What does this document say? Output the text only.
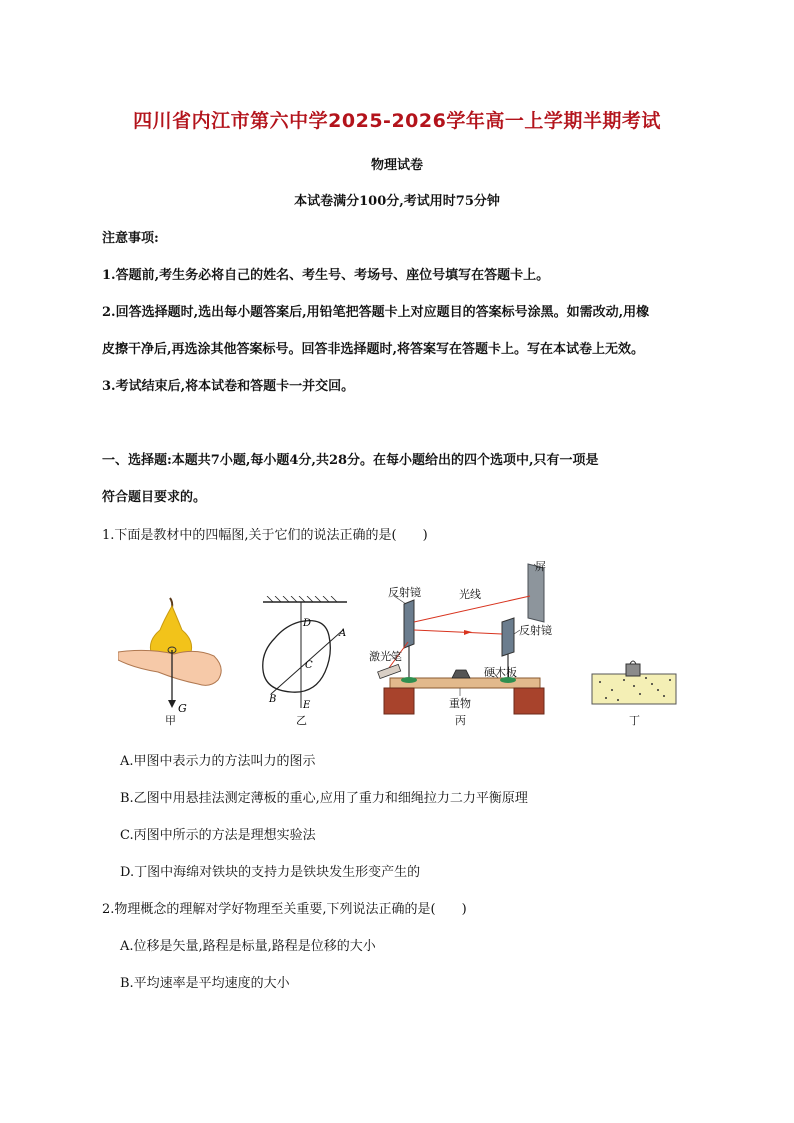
四川省内江市第六中学2025-2026学年高一上学期半期考试
物理试卷
本试卷满分100分,考试用时75分钟
注意事项:
1.答题前,考生务必将自己的姓名、考生号、考场号、座位号填写在答题卡上。
2.回答选择题时,选出每小题答案后,用铅笔把答题卡上对应题目的答案标号涂黑。如需改动,用橡
皮擦干净后,再选涂其他答案标号。回答非选择题时,将答案写在答题卡上。写在本试卷上无效。
3.考试结束后,将本试卷和答题卡一并交回。
一、选择题:本题共7小题,每小题4分,共28分。在每小题给出的四个选项中,只有一项是
符合题目要求的。
1.下面是教材中的四幅图,关于它们的说法正确的是(　　)
G
甲
D
A
C
B
E
乙
屏
反射镜	光线
反射镜
激光笔
硬木板
重物
丙	丁
A.甲图中表示力的方法叫力的图示
B.乙图中用悬挂法测定薄板的重心,应用了重力和细绳拉力二力平衡原理
C.丙图中所示的方法是理想实验法
D.丁图中海绵对铁块的支持力是铁块发生形变产生的
2.物理概念的理解对学好物理至关重要,下列说法正确的是(　　)
A.位移是矢量,路程是标量,路程是位移的大小
B.平均速率是平均速度的大小
